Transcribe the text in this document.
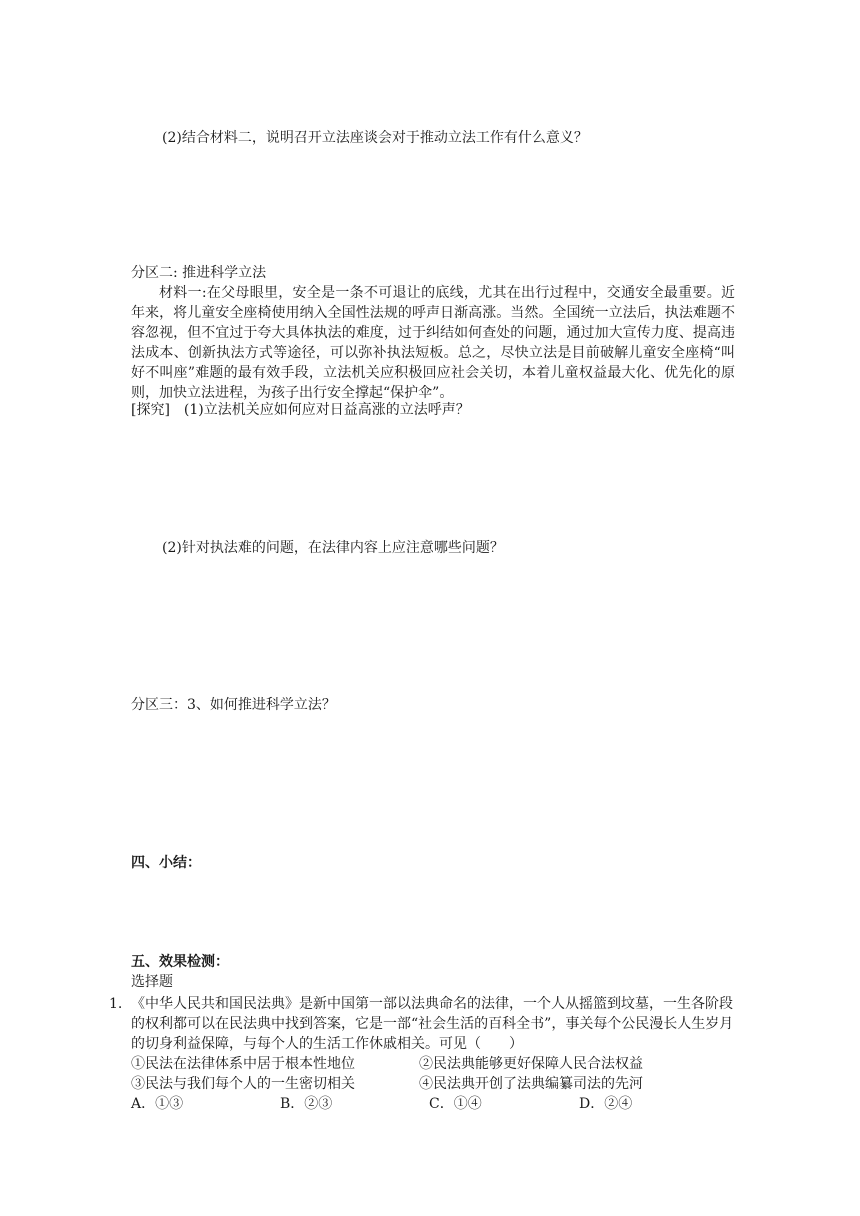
(2)结合材料二，说明召开立法座谈会对于推动立法工作有什么意义？
分区二: 推进科学立法
材料一:在父母眼里，安全是一条不可退让的底线，尤其在出行过程中，交通安全最重要。近年来，将儿童安全座椅使用纳入全国性法规的呼声日渐高涨。当然。全国统一立法后，执法难题不容忽视，但不宜过于夸大具体执法的难度，过于纠结如何查处的问题，通过加大宣传力度、提高违法成本、创新执法方式等途径，可以弥补执法短板。总之，尽快立法是目前破解儿童安全座椅“叫好不叫座”难题的最有效手段，立法机关应积极回应社会关切，本着儿童权益最大化、优先化的原则，加快立法进程，为孩子出行安全撑起“保护伞”。
[探究]　(1)立法机关应如何应对日益高涨的立法呼声？
(2)针对执法难的问题，在法律内容上应注意哪些问题？
分区三：3、如何推进科学立法？
四、小结：
五、效果检测：
选择题
1. 《中华人民共和国民法典》是新中国第一部以法典命名的法律，一个人从摇篮到坟墓，一生各阶段的权利都可以在民法典中找到答案，它是一部“社会生活的百科全书”，事关每个公民漫长人生岁月的切身利益保障，与每个人的生活工作休戚相关。可见（　　）
①民法在法律体系中居于根本性地位	②民法典能够更好保障人民合法权益
③民法与我们每个人的一生密切相关	④民法典开创了法典编纂司法的先河
A．①③	B．②③	C．①④	D．②④
